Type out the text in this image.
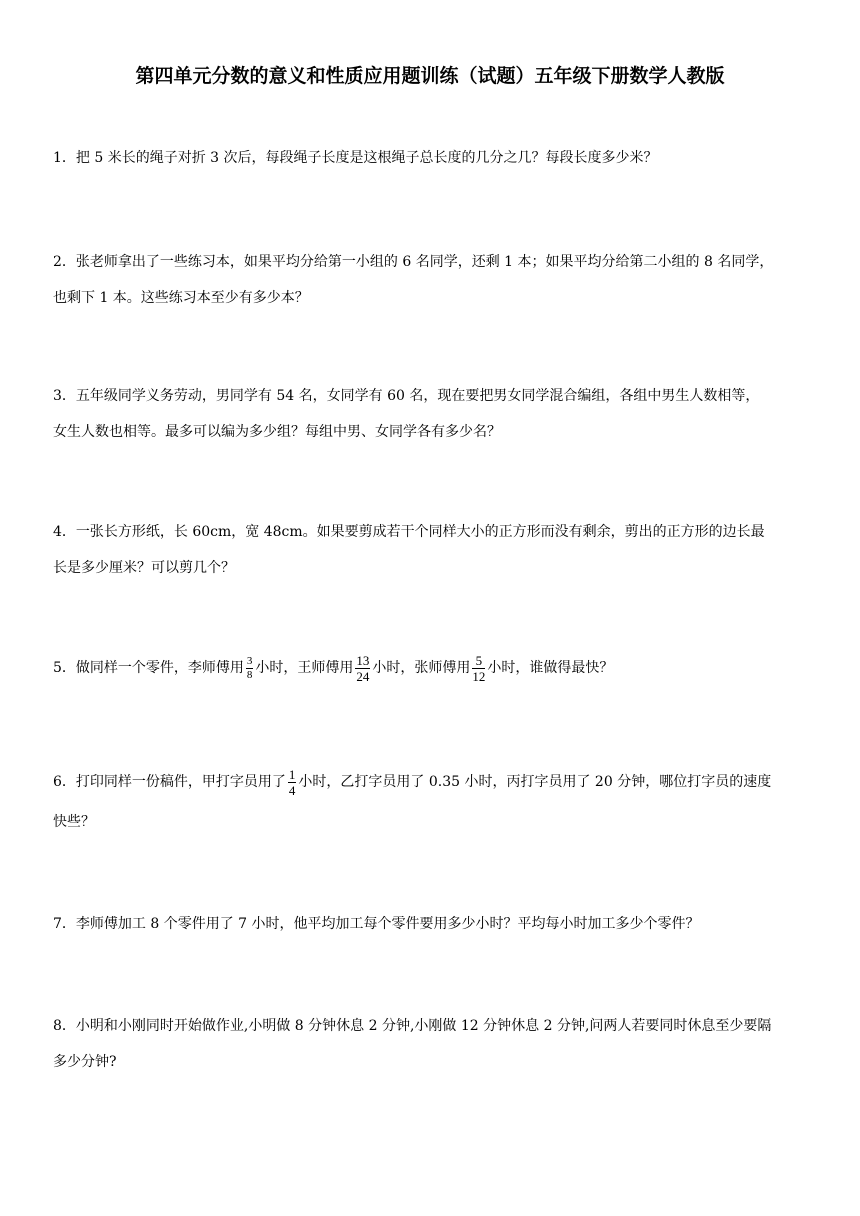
第四单元分数的意义和性质应用题训练（试题）五年级下册数学人教版
1．把 5 米长的绳子对折 3 次后，每段绳子长度是这根绳子总长度的几分之几？每段长度多少米？
2．张老师拿出了一些练习本，如果平均分给第一小组的 6 名同学，还剩 1 本；如果平均分给第二小组的 8 名同学，
也剩下 1 本。这些练习本至少有多少本？
3．五年级同学义务劳动，男同学有 54 名，女同学有 60 名，现在要把男女同学混合编组，各组中男生人数相等，
女生人数也相等。最多可以编为多少组？每组中男、女同学各有多少名？
4．一张长方形纸，长 60cm，宽 48cm。如果要剪成若干个同样大小的正方形而没有剩余，剪出的正方形的边长最
长是多少厘米？可以剪几个？
5．做同样一个零件，李师傅用 $\frac{3}{8}$ 小时，王师傅用 $\frac{13}{24}$ 小时，张师傅用 $\frac{5}{12}$ 小时，谁做得最快？
6．打印同样一份稿件，甲打字员用了 $\frac{1}{4}$ 小时，乙打字员用了 0.35 小时，丙打字员用了 20 分钟，哪位打字员的速度
快些？
7．李师傅加工 8 个零件用了 7 小时，他平均加工每个零件要用多少小时？平均每小时加工多少个零件？
8．小明和小刚同时开始做作业,小明做 8 分钟休息 2 分钟,小刚做 12 分钟休息 2 分钟,问两人若要同时休息至少要隔
多少分钟?
